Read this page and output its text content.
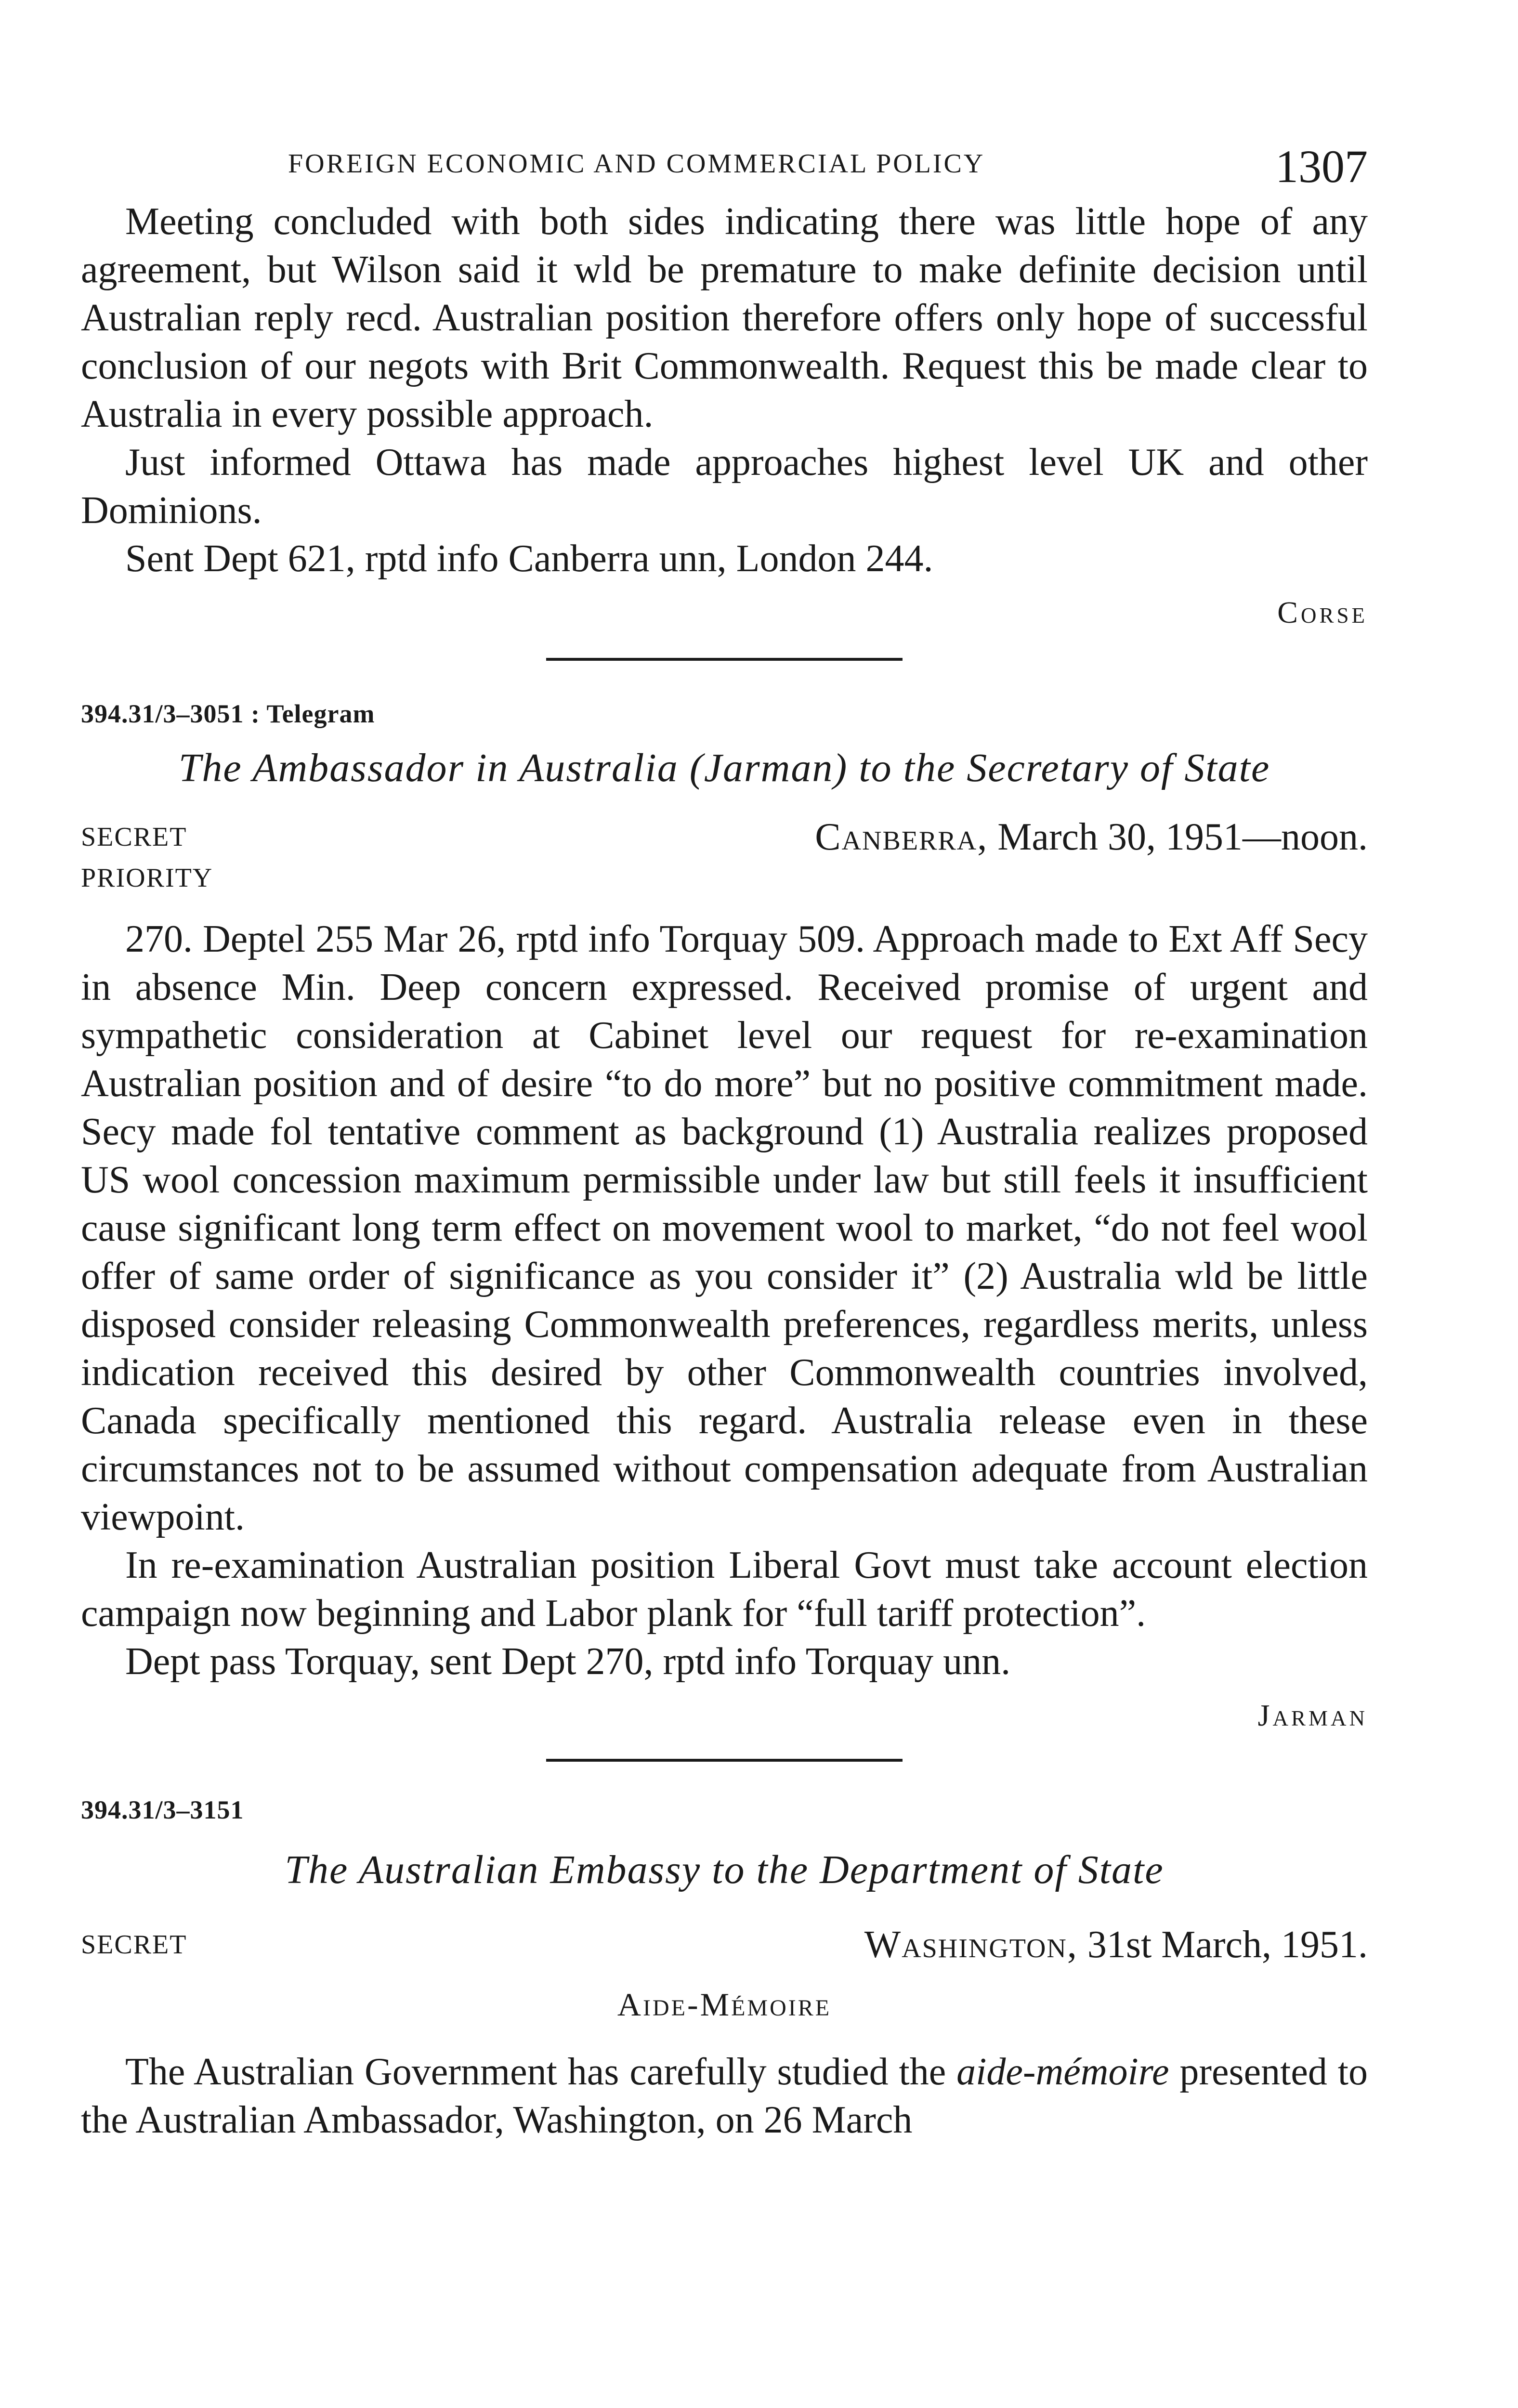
FOREIGN ECONOMIC AND COMMERCIAL POLICY	1307

Meeting concluded with both sides indicating there was little hope of any agreement, but Wilson said it wld be premature to make definite decision until Australian reply recd. Australian position therefore offers only hope of successful conclusion of our negots with Brit Commonwealth. Request this be made clear to Australia in every possible approach.

Just informed Ottawa has made approaches highest level UK and other Dominions.

Sent Dept 621, rptd info Canberra unn, London 244.

Corse
394.31/3–3051 : Telegram
The Ambassador in Australia (Jarman) to the Secretary of State
SECRET	Canberra, March 30, 1951—noon.
PRIORITY

270. Deptel 255 Mar 26, rptd info Torquay 509. Approach made to Ext Aff Secy in absence Min. Deep concern expressed. Received promise of urgent and sympathetic consideration at Cabinet level our request for re-examination Australian position and of desire “to do more” but no positive commitment made. Secy made fol tentative comment as background (1) Australia realizes proposed US wool concession maximum permissible under law but still feels it insufficient cause significant long term effect on movement wool to market, “do not feel wool offer of same order of significance as you consider it” (2) Australia wld be little disposed consider releasing Commonwealth preferences, regardless merits, unless indication received this desired by other Commonwealth countries involved, Canada specifically mentioned this regard. Australia release even in these circumstances not to be assumed without compensation adequate from Australian viewpoint.

In re-examination Australian position Liberal Govt must take account election campaign now beginning and Labor plank for “full tariff protection”.

Dept pass Torquay, sent Dept 270, rptd info Torquay unn.

Jarman
394.31/3–3151
The Australian Embassy to the Department of State
SECRET	Washington, 31st March, 1951.
Aide-Mémoire

The Australian Government has carefully studied the aide-mémoire presented to the Australian Ambassador, Washington, on 26 March
